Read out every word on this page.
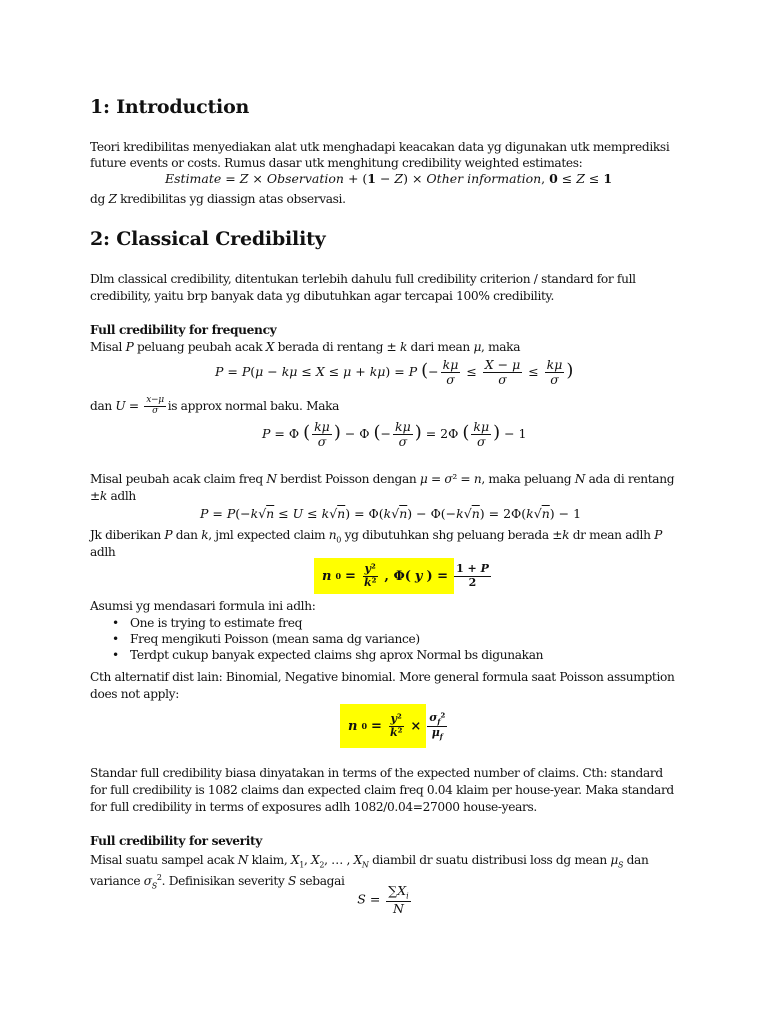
1: Introduction
Teori kredibilitas menyediakan alat utk menghadapi keacakan data yg digunakan utk memprediksi
future events or costs. Rumus dasar utk menghitung credibility weighted estimates:
Estimate = Z × Observation + (1 − Z) × Other information, 0 ≤ Z ≤ 1
dg Z kredibilitas yg diassign atas observasi.
2: Classical Credibility
Dlm classical credibility, ditentukan terlebih dahulu full credibility criterion / standard for full
credibility, yaitu brp banyak data yg dibutuhkan agar tercapai 100% credibility.
Full credibility for frequency
Misal P peluang peubah acak X berada di rentang ± k dari mean μ, maka
P = P(μ − kμ ≤ X ≤ μ + kμ) = P (− $\frac{k\mu}{\sigma} \le \frac{X - \mu}{\sigma} \le \frac{k\mu}{\sigma}$ )
dan $U = \frac{x-\mu}{\sigma}$ is approx normal baku. Maka
P = Φ ( $\frac{k\mu}{\sigma}$ ) − Φ (− $\frac{k\mu}{\sigma}$ ) = 2Φ ( $\frac{k\mu}{\sigma}$ ) − 1
Misal peubah acak claim freq N berdist Poisson dengan μ = σ² = n, maka peluang N ada di rentang
±k adlh
P = P(−k√n ≤ U ≤ k√n) = Φ(k√n) − Φ(−k√n) = 2Φ(k√n) − 1
Jk diberikan P dan k, jml expected claim $n_0$ yg dibutuhkan shg peluang berada ±k dr mean adlh P
adlh
n $0 = \frac{\text{y²}}{\text{k²}}$ , Φ( y ) = $\frac{1 + P}{2}$
Asumsi yg mendasari formula ini adlh:
• One is trying to estimate freq
• Freq mengikuti Poisson (mean sama dg variance)
• Terdpt cukup banyak expected claims shg aprox Normal bs digunakan
Cth alternatif dist lain: Binomial, Negative binomial. More general formula saat Poisson assumption
does not apply:
n $0 = \frac{\text{y²}}{\text{k²}} \times \frac{\sigma_f^2}{\mu_f}$
Standar full credibility biasa dinyatakan in terms of the expected number of claims. Cth: standard
for full credibility is 1082 claims dan expected claim freq 0.04 klaim per house-year. Maka standard
for full credibility in terms of exposures adlh 1082/0.04=27000 house-years.
Full credibility for severity
Misal suatu sampel acak N klaim, $X_1$, $X_2$, … , $X_N$ diambil dr suatu distribusi loss dg mean $\mu_S$ dan
variance $\sigma_S^2$. Definisikan severity S sebagai
$S = \frac{\sum X_i}{N}$
